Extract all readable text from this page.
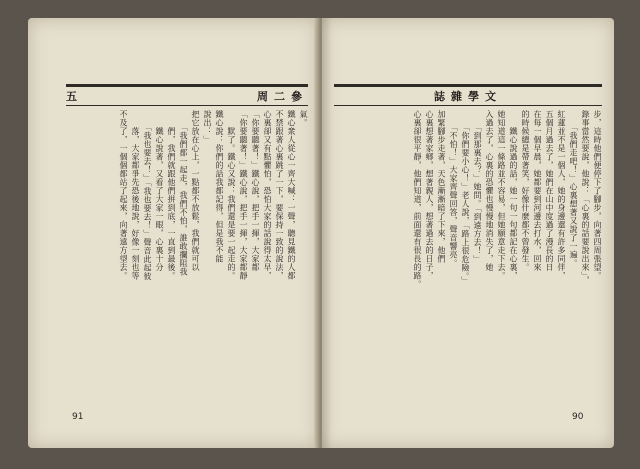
五	周二參
氣。
鐵心衆人從心一齊大喊：一聲，聽見鐵的人都
不禁跟著心裏跳了一下，要保持一致的說法，
心裏卻又有點懼怕，恐怕大家的話說得太早，
「你要聽著！」鐵心說，把手一揮，大家都
「你要聽著！」鐵心說，把手一揮，大家都靜
　　默了。鐵心又說：我們還是要一起走的。
鐵心說：你們的話我都記得，但是我不能
說出：」
把它放在心上，一點都不放鬆，我們就可以
　　「我們都一起走，我們不怕，誰敢攔阻我
　　們，我們就跟他們拼到底，一直到最後。
　　鐵心說著，又看了大家一眼，心裏十分
　　「我也要去！」「我也要去！」聲音此起彼
　　落，大家都爭先恐後地說，好像一刻也等
不及了，一個個都站了起來，向著遠方望去。
91
誌雜學文
步，這時他們便停下了腳步，向著四周張望。
錄事當然要說，他說：「心裏的話要說出來」，
　　「我們走吧！」心裏想著又說了一遍。
紅蓮並不是一個人，她的身邊還有許多同伴，
五個月過去了，她們在山中度過了漫長的日
在每一個早晨，她都要到河邊去打水，回來
的時候總是帶著笑，好像什麼都不曾發生。
　　鐵心說過的話，她一句一句都記在心裏，
她知道這一條路並不容易，但她願意走下去。
入過去了，心裏的恐懼也慢慢地消失了，她
　　「到那裏去？」她問。「到遠方去！」
　　「你們要小心！」老人說，「路上很危險。」
　　「不怕！」大家齊聲回答，聲音響亮。
加緊腳步走著，天色漸漸暗了下來，他們
心裏想著家鄉，想著親人，想著過去的日子，
心裏卻很平靜，他們知道，前面還有很長的路。
90
